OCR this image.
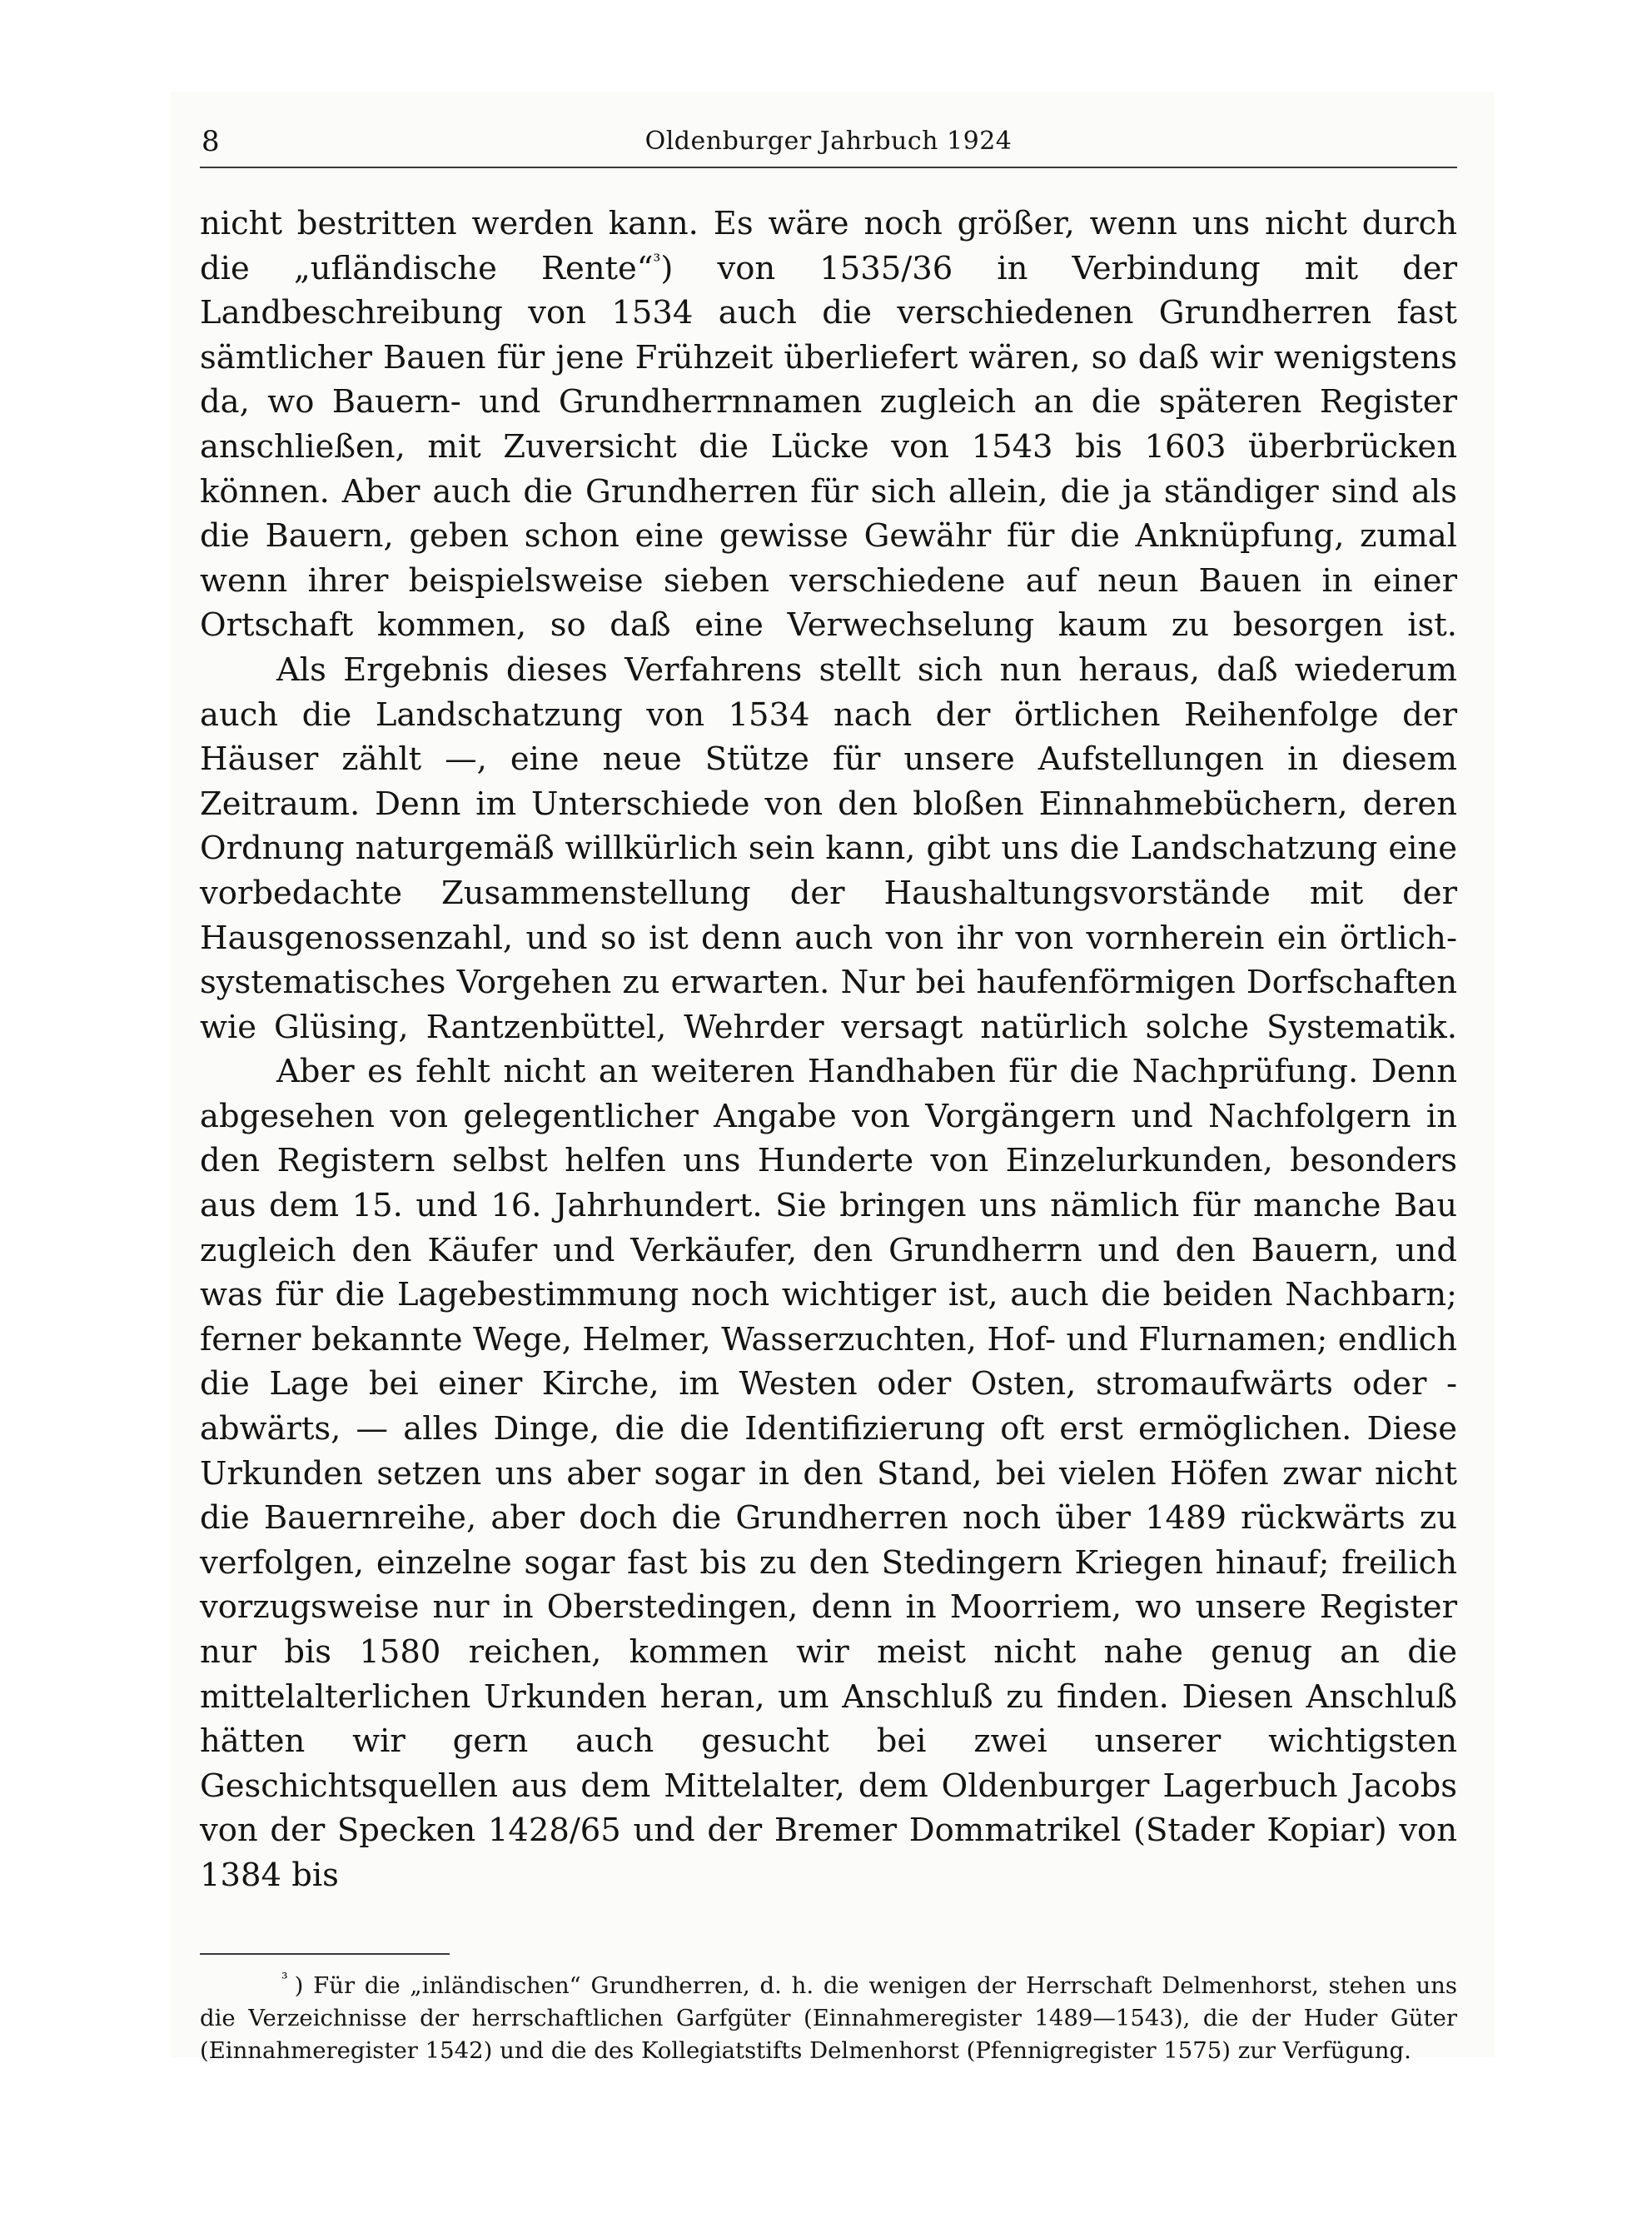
8	Oldenburger Jahrbuch 1924

nicht bestritten werden kann. Es wäre noch größer, wenn uns nicht durch die „ufländische Rente“$^{^3}$) von 1535/36 in Verbindung mit der Landbeschreibung von 1534 auch die verschiedenen Grundherren fast sämtlicher Bauen für jene Frühzeit überliefert wären, so daß wir wenigstens da, wo Bauern- und Grundherrnnamen zugleich an die späteren Register anschließen, mit Zuversicht die Lücke von 1543 bis 1603 überbrücken können. Aber auch die Grundherren für sich allein, die ja ständiger sind als die Bauern, geben schon eine gewisse Gewähr für die Anknüpfung, zumal wenn ihrer beispielsweise sieben verschiedene auf neun Bauen in einer Ortschaft kommen, so daß eine Verwechselung kaum zu besorgen ist.

Als Ergebnis dieses Verfahrens stellt sich nun heraus, daß wiederum auch die Landschatzung von 1534 nach der örtlichen Reihenfolge der Häuser zählt —, eine neue Stütze für unsere Aufstellungen in diesem Zeitraum. Denn im Unterschiede von den bloßen Einnahmebüchern, deren Ordnung naturgemäß willkürlich sein kann, gibt uns die Landschatzung eine vorbedachte Zusammenstellung der Haushaltungsvorstände mit der Hausgenossenzahl, und so ist denn auch von ihr von vornherein ein örtlich-systematisches Vorgehen zu erwarten. Nur bei haufenförmigen Dorfschaften wie Glüsing, Rantzenbüttel, Wehrder versagt natürlich solche Systematik.

Aber es fehlt nicht an weiteren Handhaben für die Nachprüfung. Denn abgesehen von gelegentlicher Angabe von Vorgängern und Nachfolgern in den Registern selbst helfen uns Hunderte von Einzelurkunden, besonders aus dem 15. und 16. Jahrhundert. Sie bringen uns nämlich für manche Bau zugleich den Käufer und Verkäufer, den Grundherrn und den Bauern, und was für die Lagebestimmung noch wichtiger ist, auch die beiden Nachbarn; ferner bekannte Wege, Helmer, Wasserzuchten, Hof- und Flurnamen; endlich die Lage bei einer Kirche, im Westen oder Osten, stromaufwärts oder -abwärts, — alles Dinge, die die Identifizierung oft erst ermöglichen. Diese Urkunden setzen uns aber sogar in den Stand, bei vielen Höfen zwar nicht die Bauernreihe, aber doch die Grundherren noch über 1489 rückwärts zu verfolgen, einzelne sogar fast bis zu den Stedingern Kriegen hinauf; freilich vorzugsweise nur in Oberstedingen, denn in Moorriem, wo unsere Register nur bis 1580 reichen, kommen wir meist nicht nahe genug an die mittelalterlichen Urkunden heran, um Anschluß zu finden. Diesen Anschluß hätten wir gern auch gesucht bei zwei unserer wichtigsten Geschichtsquellen aus dem Mittelalter, dem Oldenburger Lagerbuch Jacobs von der Specken 1428/65 und der Bremer Dommatrikel (Stader Kopiar) von 1384 bis

$^{^3}$ ) Für die „inländischen“ Grundherren, d. h. die wenigen der Herrschaft Delmenhorst, stehen uns die Verzeichnisse der herrschaftlichen Garfgüter (Einnahmeregister 1489—1543), die der Huder Güter (Einnahmeregister 1542) und die des Kollegiatstifts Delmenhorst (Pfennigregister 1575) zur Verfügung.
